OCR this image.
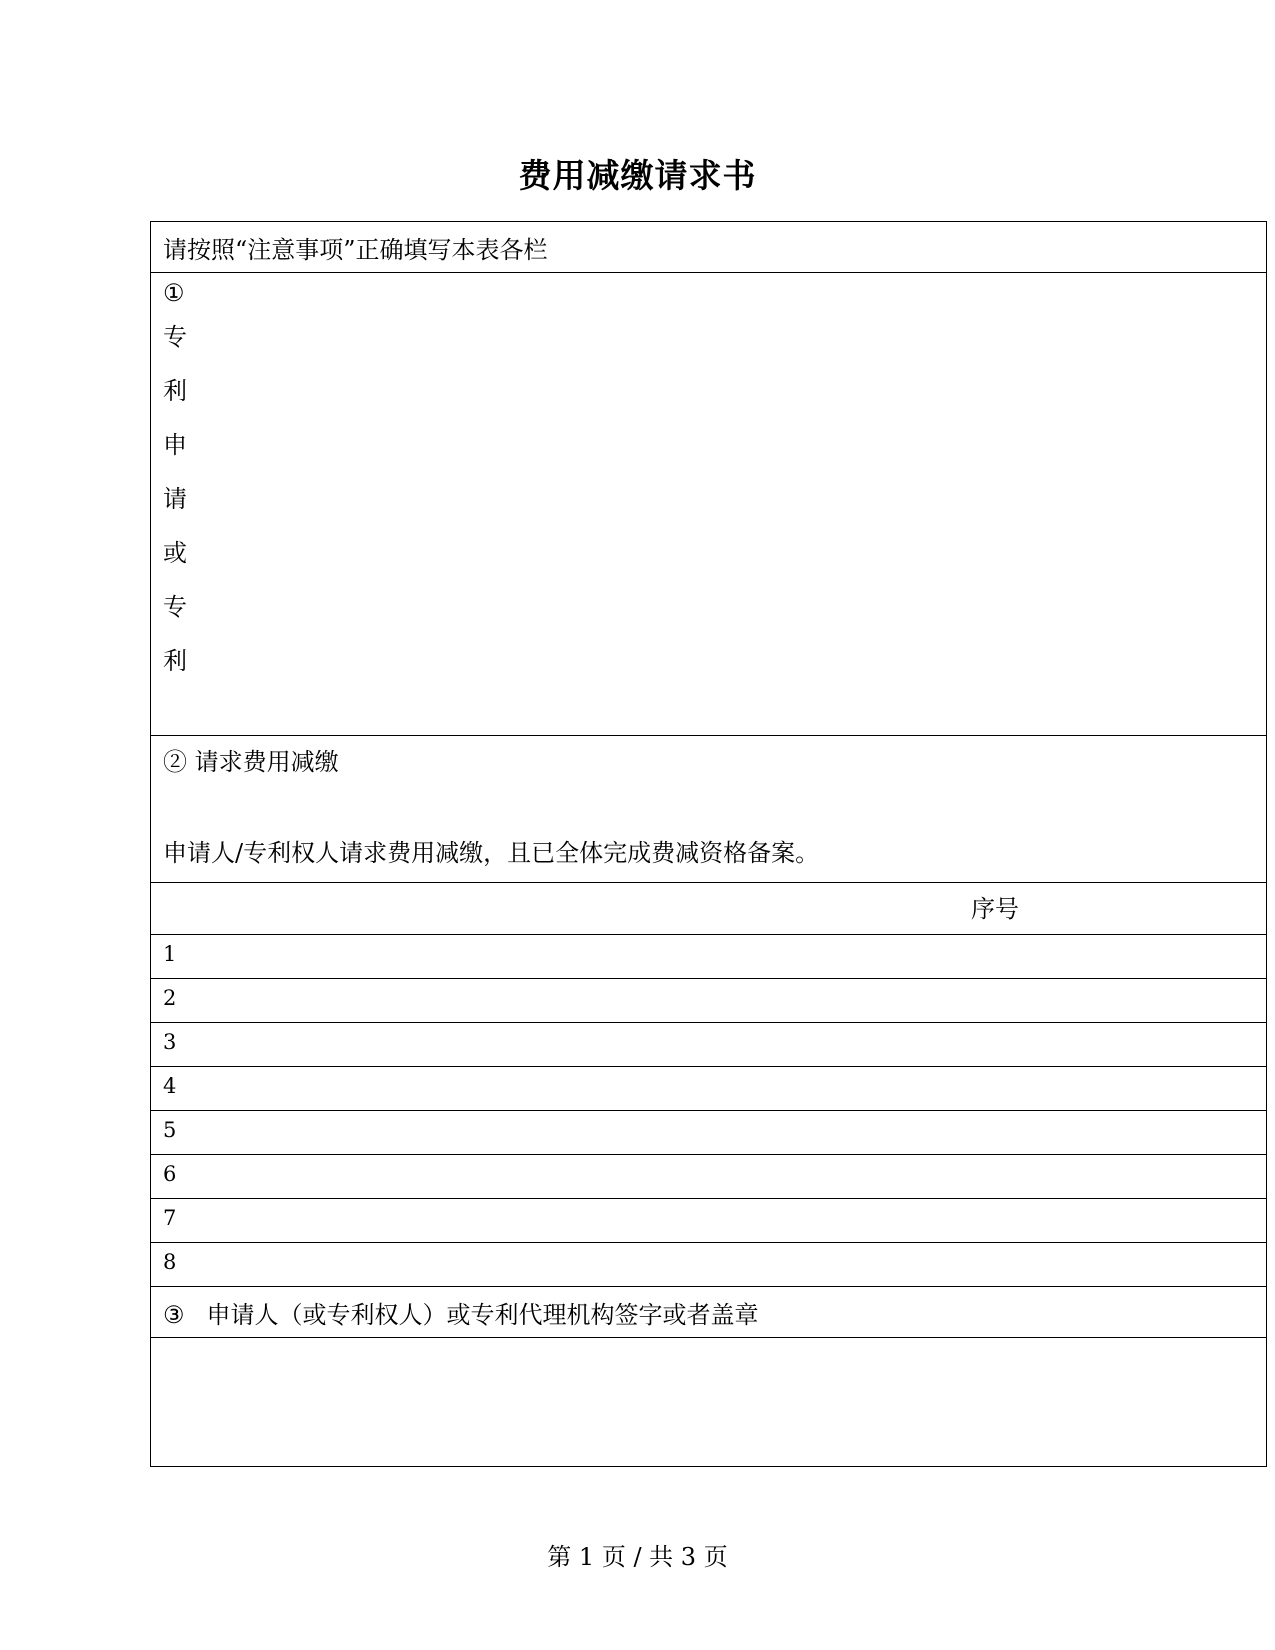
费用减缴请求书
请按照“注意事项”正确填写本表各栏
①
专
利
申
请
或
专
利
② 请求费用减缴
申请人/专利权人请求费用减缴，且已全体完成费减资格备案。
序号
1
2
3
4
5
6
7
8
③ 申请人（或专利权人）或专利代理机构签字或者盖章
第 1 页 / 共 3 页
